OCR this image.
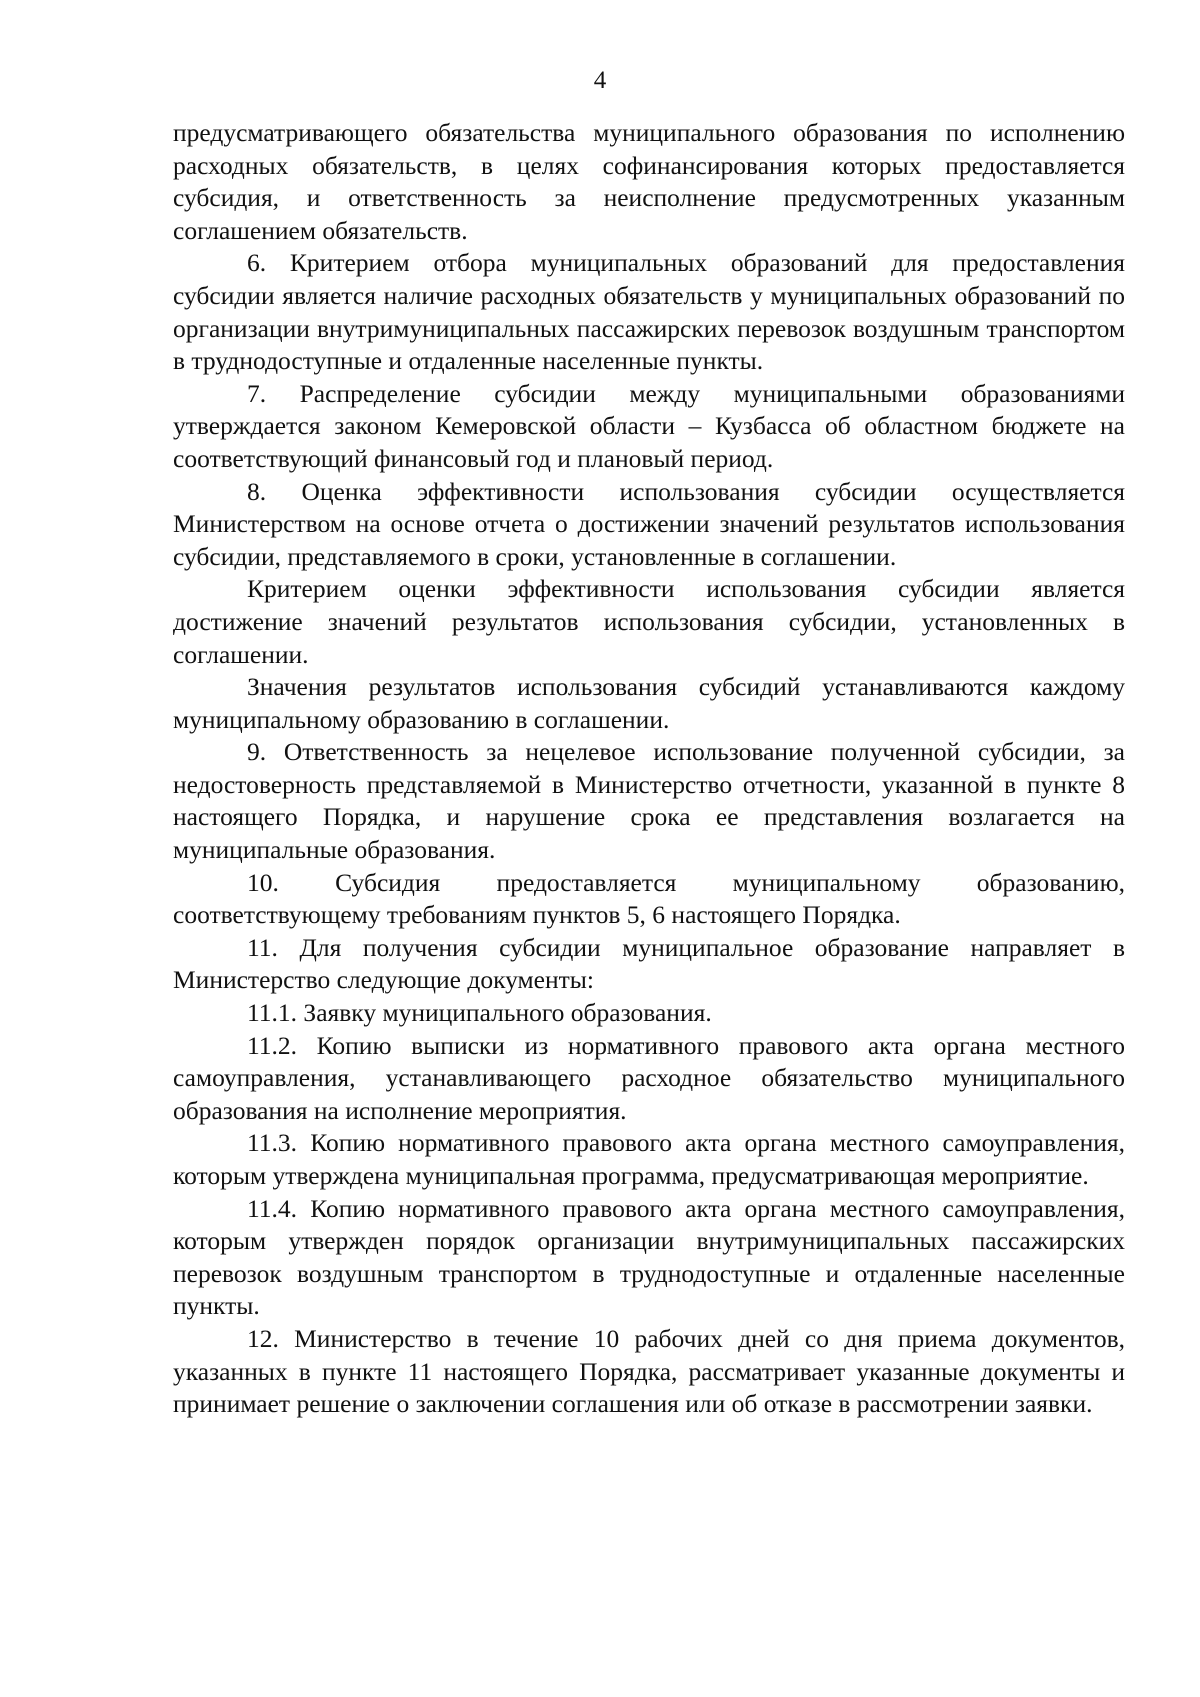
4

предусматривающего обязательства муниципального образования по исполнению расходных обязательств, в целях софинансирования которых предоставляется субсидия, и ответственность за неисполнение предусмотренных указанным соглашением обязательств.

6. Критерием отбора муниципальных образований для предоставления субсидии является наличие расходных обязательств у муниципальных образований по организации внутримуниципальных пассажирских перевозок воздушным транспортом в труднодоступные и отдаленные населенные пункты.

7. Распределение субсидии между муниципальными образованиями утверждается законом Кемеровской области – Кузбасса об областном бюджете на соответствующий финансовый год и плановый период.

8. Оценка эффективности использования субсидии осуществляется Министерством на основе отчета о достижении значений результатов использования субсидии, представляемого в сроки, установленные в соглашении.

Критерием оценки эффективности использования субсидии является достижение значений результатов использования субсидии, установленных в соглашении.

Значения результатов использования субсидий устанавливаются каждому муниципальному образованию в соглашении.

9. Ответственность за нецелевое использование полученной субсидии, за недостоверность представляемой в Министерство отчетности, указанной в пункте 8 настоящего Порядка, и нарушение срока ее представления возлагается на муниципальные образования.

10. Субсидия предоставляется муниципальному образованию, соответствующему требованиям пунктов 5, 6 настоящего Порядка.

11. Для получения субсидии муниципальное образование направляет в Министерство следующие документы:

11.1. Заявку муниципального образования.

11.2. Копию выписки из нормативного правового акта органа местного самоуправления, устанавливающего расходное обязательство муниципального образования на исполнение мероприятия.

11.3. Копию нормативного правового акта органа местного самоуправления, которым утверждена муниципальная программа, предусматривающая мероприятие.

11.4. Копию нормативного правового акта органа местного самоуправления, которым утвержден порядок организации внутримуниципальных пассажирских перевозок воздушным транспортом в труднодоступные и отдаленные населенные пункты.

12. Министерство в течение 10 рабочих дней со дня приема документов, указанных в пункте 11 настоящего Порядка, рассматривает указанные документы и принимает решение о заключении соглашения или об отказе в рассмотрении заявки.
